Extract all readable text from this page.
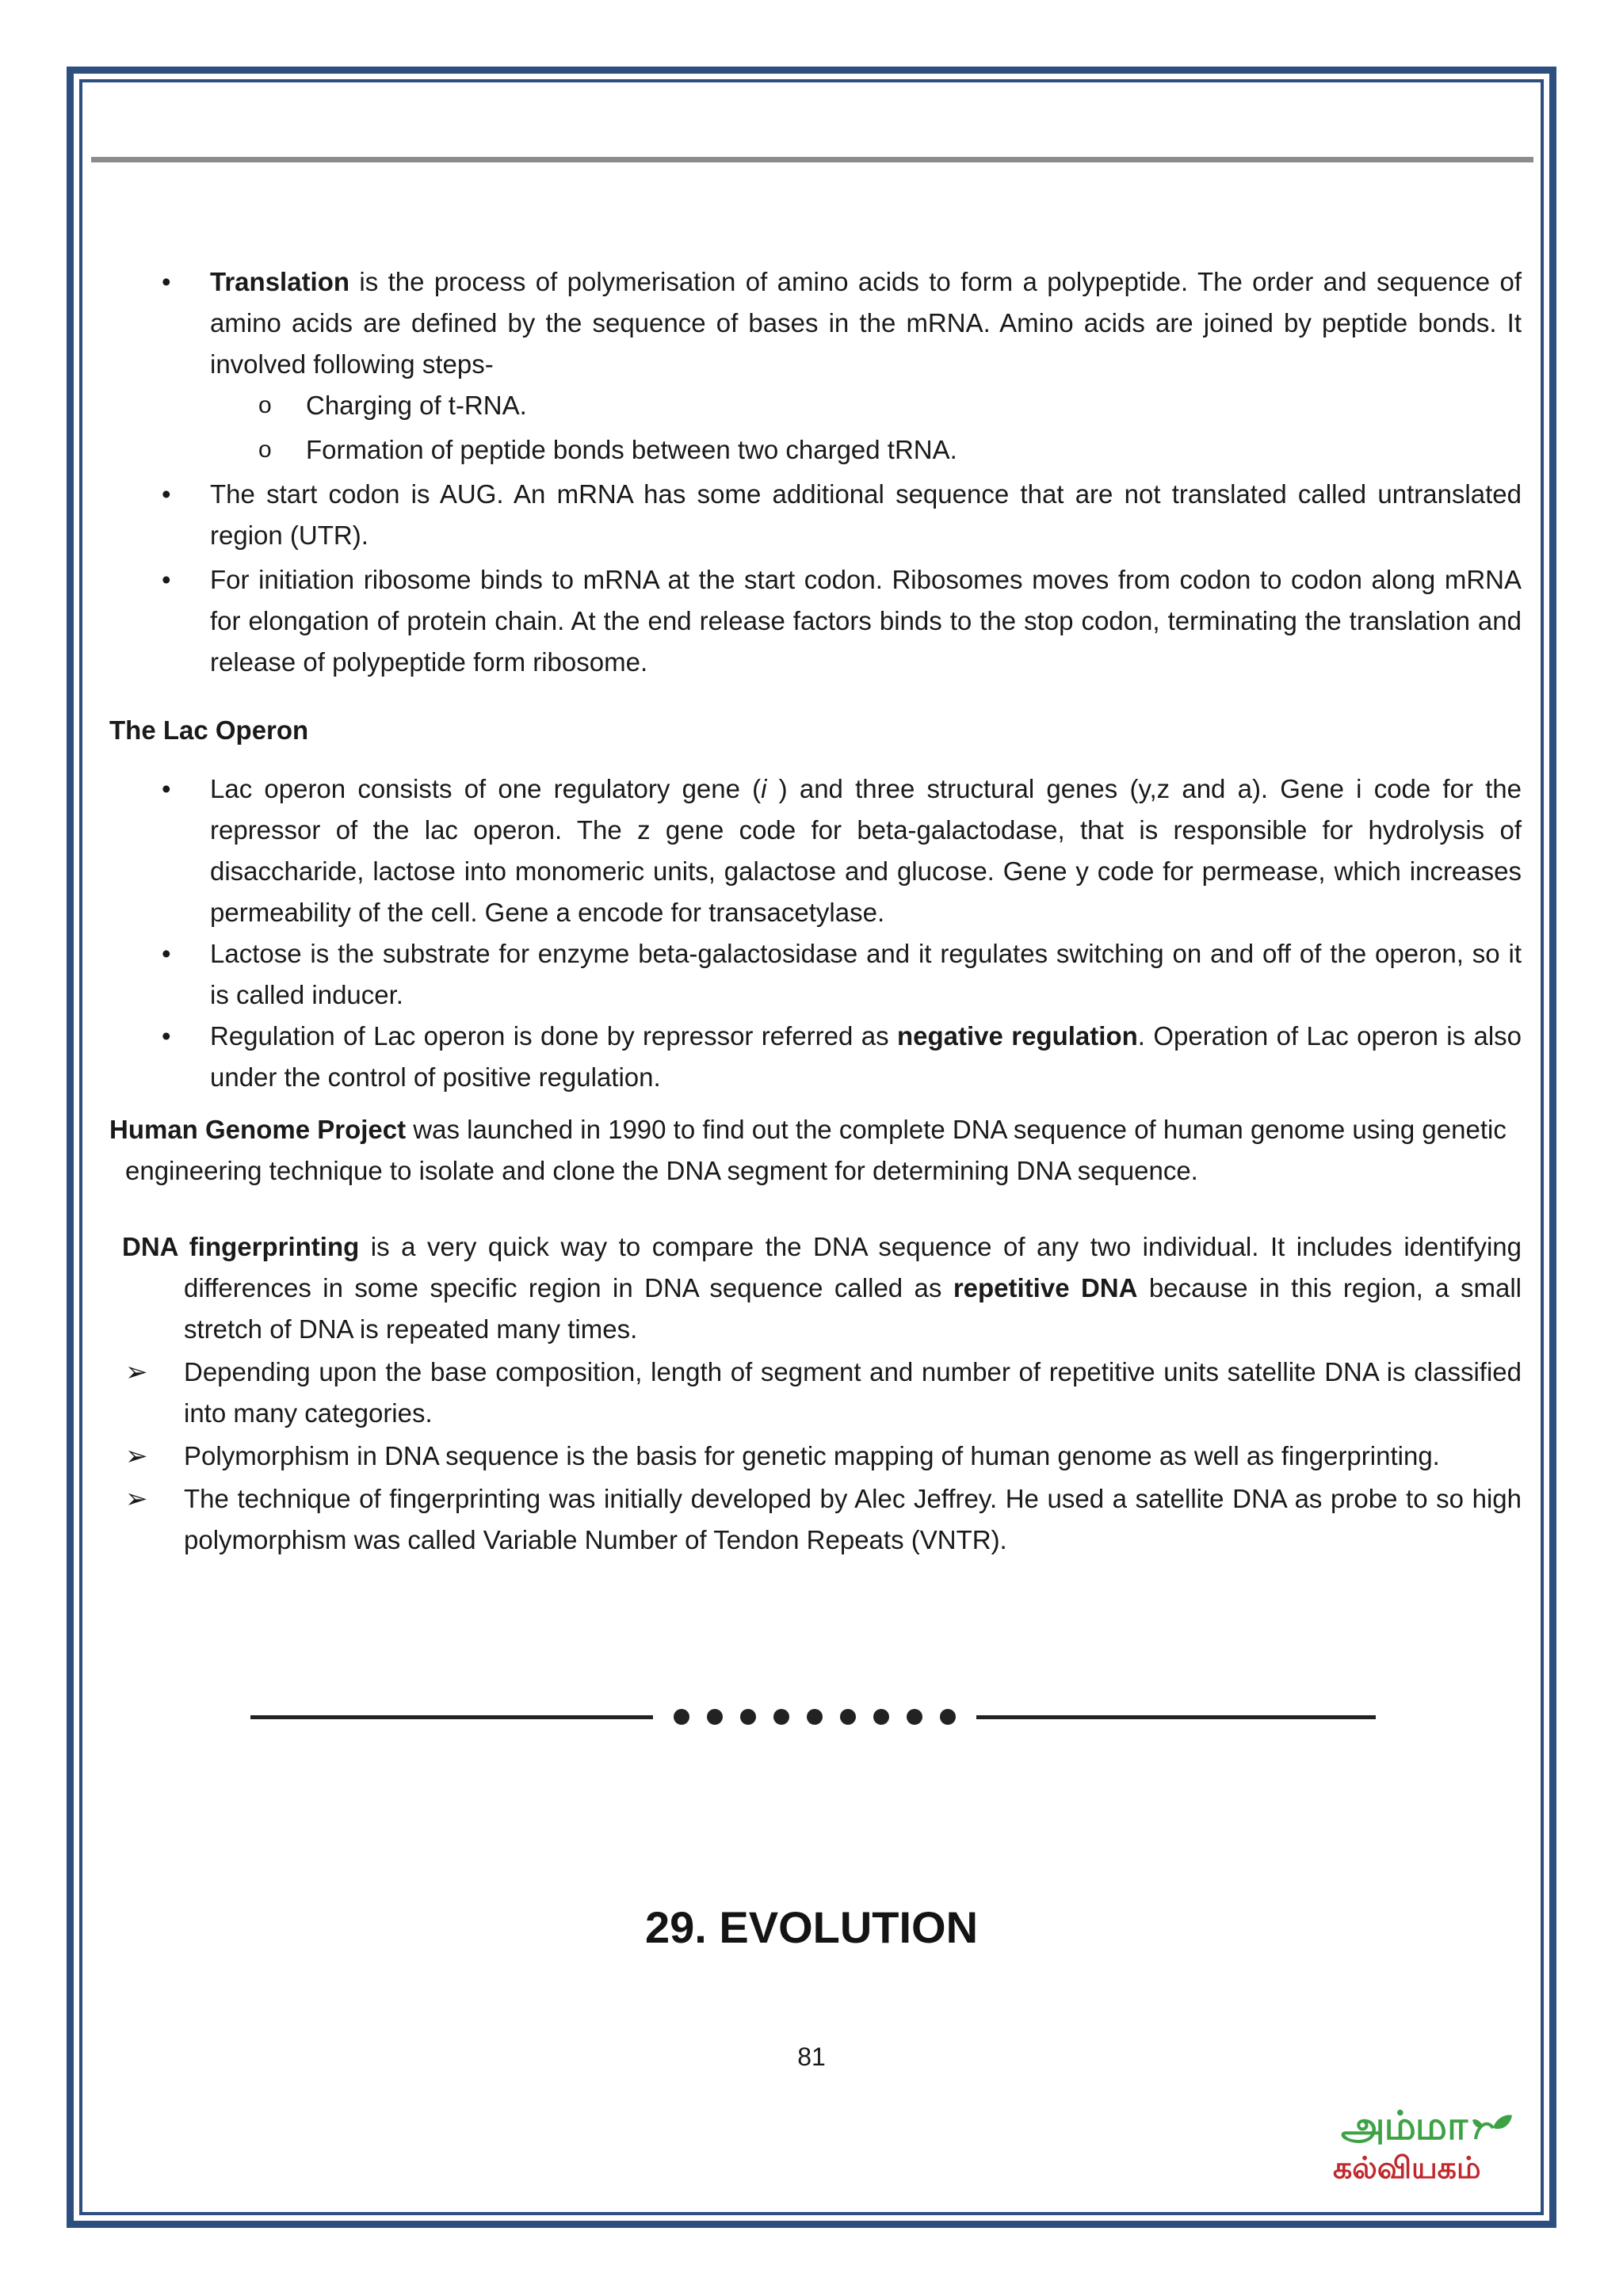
• Translation is the process of polymerisation of amino acids to form a polypeptide. The order and sequence of amino acids are defined by the sequence of bases in the mRNA. Amino acids are joined by peptide bonds. It involved following steps-
o Charging of t-RNA.
o Formation of peptide bonds between two charged tRNA.
• The start codon is AUG. An mRNA has some additional sequence that are not translated called untranslated region (UTR).
• For initiation ribosome binds to mRNA at the start codon. Ribosomes moves from codon to codon along mRNA for elongation of protein chain. At the end release factors binds to the stop codon, terminating the translation and release of polypeptide form ribosome.
The Lac Operon
• Lac operon consists of one regulatory gene (i ) and three structural genes (y,z and a). Gene i code for the repressor of the lac operon. The z gene code for beta-galactodase, that is responsible for hydrolysis of disaccharide, lactose into monomeric units, galactose and glucose. Gene y code for permease, which increases permeability of the cell. Gene a encode for transacetylase.
• Lactose is the substrate for enzyme beta-galactosidase and it regulates switching on and off of the operon, so it is called inducer.
• Regulation of Lac operon is done by repressor referred as negative regulation. Operation of Lac operon is also under the control of positive regulation.
Human Genome Project was launched in 1990 to find out the complete DNA sequence of human genome using genetic engineering technique to isolate and clone the DNA segment for determining DNA sequence.
DNA fingerprinting is a very quick way to compare the DNA sequence of any two individual. It includes identifying differences in some specific region in DNA sequence called as repetitive DNA because in this region, a small stretch of DNA is repeated many times.
➢ Depending upon the base composition, length of segment and number of repetitive units satellite DNA is classified into many categories.
➢ Polymorphism in DNA sequence is the basis for genetic mapping of human genome as well as fingerprinting.
➢ The technique of fingerprinting was initially developed by Alec Jeffrey. He used a satellite DNA as probe to so high polymorphism was called Variable Number of Tendon Repeats (VNTR).
29. EVOLUTION
81
அம்மா
கல்வியகம்
